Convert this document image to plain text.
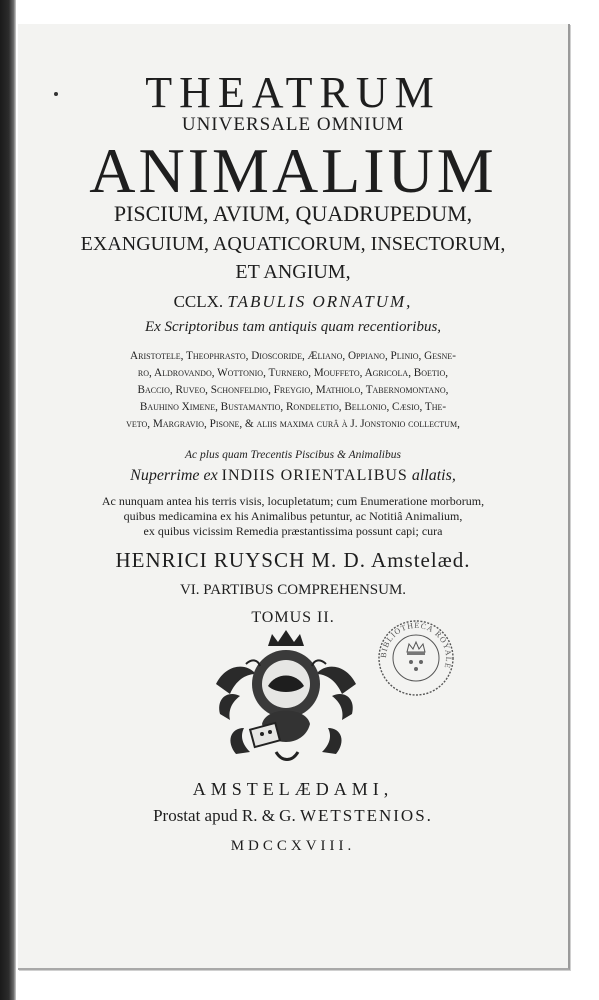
THEATRUM
UNIVERSALE OMNIUM
ANIMALIUM
PISCIUM, AVIUM, QUADRUPEDUM,
EXANGUIUM, AQUATICORUM, INSECTORUM,
ET ANGIUM,
CCLX. TABULIS ORNATUM,
Ex Scriptoribus tam antiquis quam recentioribus,
Aristotele, Theophrasto, Dioscoride, Æliano, Oppiano, Plinio, Gesne-
ro, Aldrovando, Wottonio, Turnero, Mouffeto, Agricola, Boetio,
Baccio, Ruveo, Schonfeldio, Freygio, Mathiolo, Tabernomontano,
Bauhino Ximene, Bustamantio, Rondeletio, Bellonio, Cæsio, The-
veto, Margravio, Pisone, & aliis maxima curâ à J. Jonstonio collectum,
Ac plus quam Trecentis Piscibus & Animalibus
Nuperrime ex INDIIS ORIENTALIBUS allatis,
Ac nunquam antea his terris visis, locupletatum; cum Enumeratione morborum,
quibus medicamina ex his Animalibus petuntur, ac Notitiâ Animalium,
ex quibus vicissim Remedia præstantissima possunt capi; cura
HENRICI RUYSCH M. D. Amstelæd.
VI. PARTIBUS COMPREHENSUM.
TOMUS II.
BIBLIOTHECA ROYALE
AMSTELÆDAMI,
Prostat apud R. & G. WETSTENIOS.
MDCCXVIII.
